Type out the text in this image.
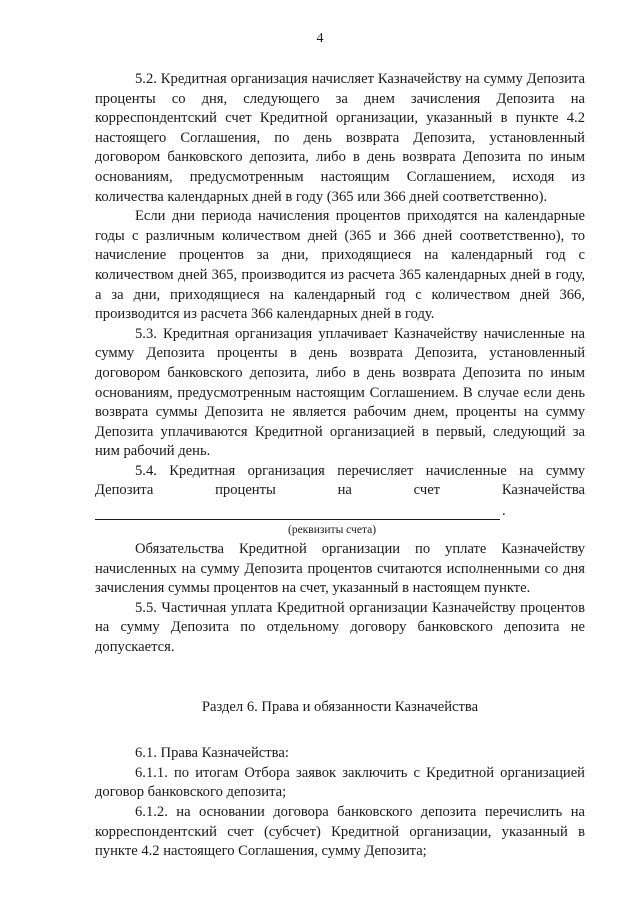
4

5.2. Кредитная организация начисляет Казначейству на сумму Депозита проценты со дня, следующего за днем зачисления Депозита на корреспондентский счет Кредитной организации, указанный в пункте 4.2 настоящего Соглашения, по день возврата Депозита, установленный договором банковского депозита, либо в день возврата Депозита по иным основаниям, предусмотренным настоящим Соглашением, исходя из количества календарных дней в году (365 или 366 дней соответственно).

Если дни периода начисления процентов приходятся на календарные годы с различным количеством дней (365 и 366 дней соответственно), то начисление процентов за дни, приходящиеся на календарный год с количеством дней 365, производится из расчета 365 календарных дней в году, а за дни, приходящиеся на календарный год с количеством дней 366, производится из расчета 366 календарных дней в году.

5.3. Кредитная организация уплачивает Казначейству начисленные на сумму Депозита проценты в день возврата Депозита, установленный договором банковского депозита, либо в день возврата Депозита по иным основаниям, предусмотренным настоящим Соглашением. В случае если день возврата суммы Депозита не является рабочим днем, проценты на сумму Депозита уплачиваются Кредитной организацией в первый, следующий за ним рабочий день.

5.4. Кредитная организация перечисляет начисленные на сумму

Депозита проценты на счет Казначейства

.
(реквизиты счета)

Обязательства Кредитной организации по уплате Казначейству начисленных на сумму Депозита процентов считаются исполненными со дня зачисления суммы процентов на счет, указанный в настоящем пункте.

5.5. Частичная уплата Кредитной организации Казначейству процентов на сумму Депозита по отдельному договору банковского депозита не допускается.

Раздел 6. Права и обязанности Казначейства

6.1. Права Казначейства:

6.1.1. по итогам Отбора заявок заключить с Кредитной организацией договор банковского депозита;

6.1.2. на основании договора банковского депозита перечислить на корреспондентский счет (субсчет) Кредитной организации, указанный в пункте 4.2 настоящего Соглашения, сумму Депозита;
